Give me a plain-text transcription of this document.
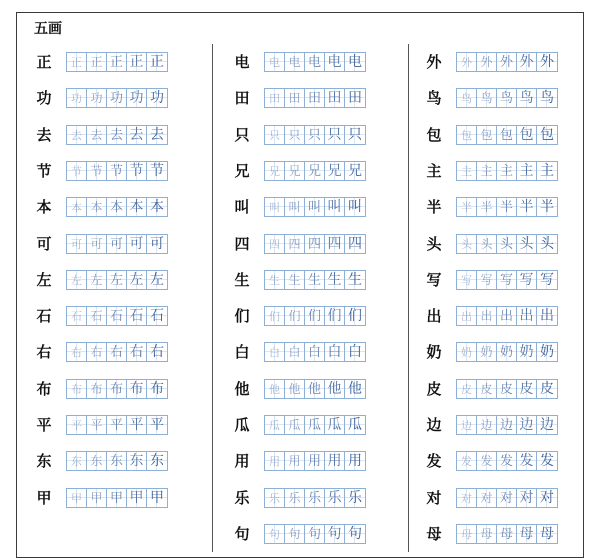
五画
正	正 正 正 正 正
功	功 功 功 功 功
去	去 去 去 去 去
节	节 节 节 节 节
本	本 本 本 本 本
可	可 可 可 可 可
左	左 左 左 左 左
石	石 石 石 石 石
右	右 右 右 右 右
布	布 布 布 布 布
平	平 平 平 平 平
东	东 东 东 东 东
甲	甲 甲 甲 甲 甲
电	电 电 电 电 电
田	田 田 田 田 田
只	只 只 只 只 只
兄	兄 兄 兄 兄 兄
叫	叫 叫 叫 叫 叫
四	四 四 四 四 四
生	生 生 生 生 生
们	们 们 们 们 们
白	白 白 白 白 白
他	他 他 他 他 他
瓜	瓜 瓜 瓜 瓜 瓜
用	用 用 用 用 用
乐	乐 乐 乐 乐 乐
句	句 句 句 句 句
外	外 外 外 外 外
鸟	鸟 鸟 鸟 鸟 鸟
包	包 包 包 包 包
主	主 主 主 主 主
半	半 半 半 半 半
头	头 头 头 头 头
写	写 写 写 写 写
出	出 出 出 出 出
奶	奶 奶 奶 奶 奶
皮	皮 皮 皮 皮 皮
边	边 边 边 边 边
发	发 发 发 发 发
对	对 对 对 对 对
母	母 母 母 母 母
